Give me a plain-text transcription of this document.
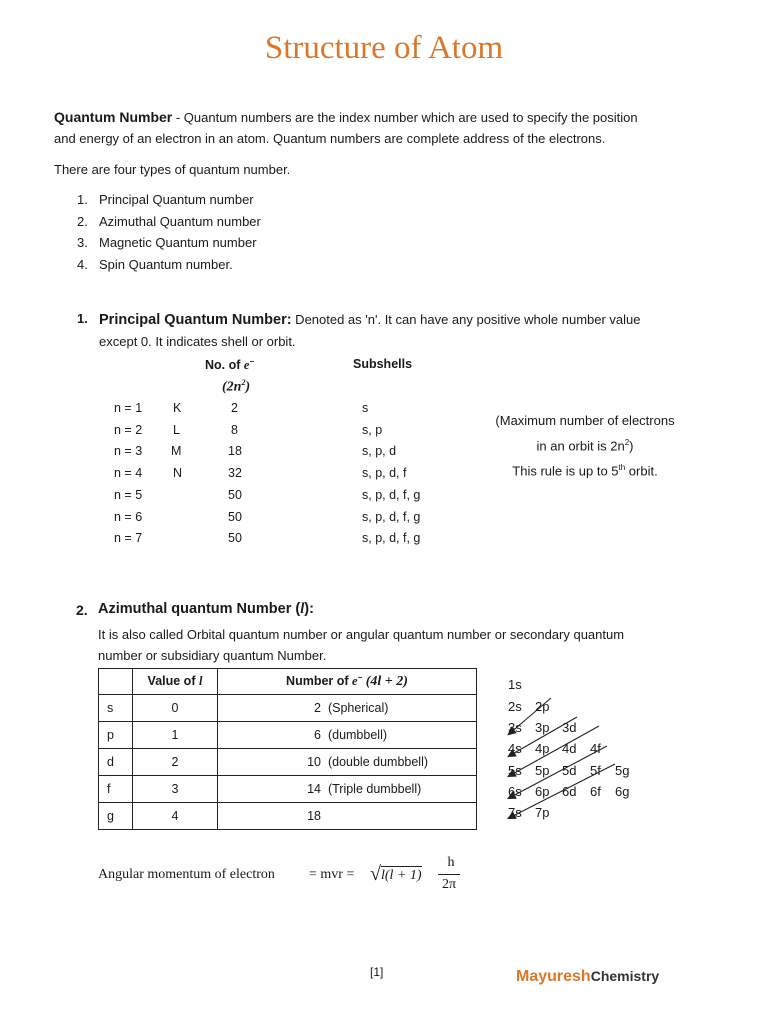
Structure of Atom
Quantum Number - Quantum numbers are the index number which are used to specify the position
and energy of an electron in an atom. Quantum numbers are complete address of the electrons.
There are four types of quantum number.
1. Principal Quantum number
2. Azimuthal Quantum number
3. Magnetic Quantum number
4. Spin Quantum number.
1. Principal Quantum Number: Denoted as 'n'. It can have any positive whole number value
except 0. It indicates shell or orbit.
No. of e−
$(2n^2)$
Subshells
n = 1 K	2	s
n = 2 L	8	s, p
n = 3 M	18	s, p, d
n = 4 N	32	s, p, d, f
n = 5	50	s, p, d, f, g
n = 6	50	s, p, d, f, g
n = 7	50	s, p, d, f, g
(Maximum number of electrons
in an orbit is $2n^2$)
This rule is up to 5th orbit.
2. Azimuthal quantum Number (l):
It is also called Orbital quantum number or angular quantum number or secondary quantum
number or subsidiary quantum Number.
	Value of l	Number of e− (4l + 2)
s	0	2 (Spherical)
p	1	6 (dumbbell)
d	2	10 (double dumbbell)
f	3	14 (Triple dumbbell)
g	4	18
1s
2s 2p
3s 3p 3d
4s 4p 4d 4f
5s 5p 5d 5f 5g
6s 6p 6d 6f 6g
7s 7p
Angular momentum of electron = mvr = √ l(l + 1)
h
2π
[1]	MayureshChemistry
